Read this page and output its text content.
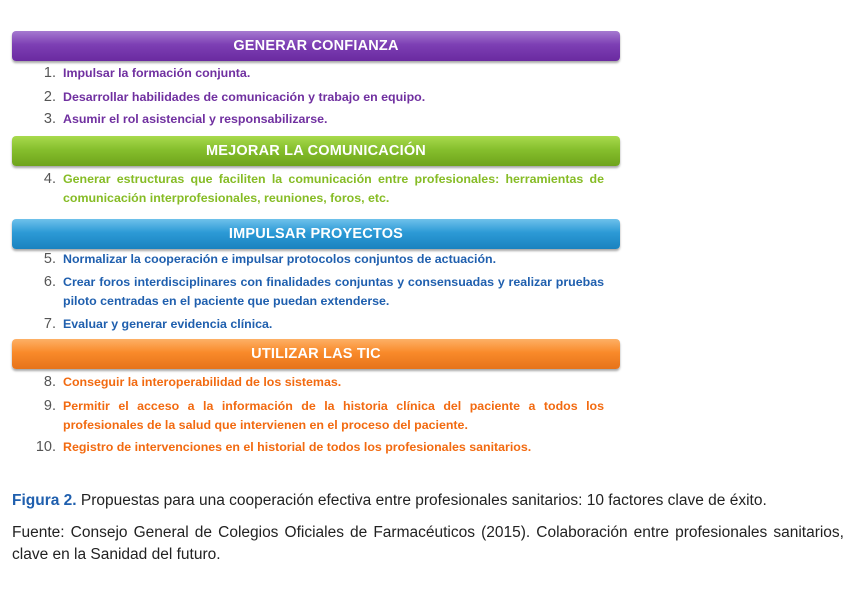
GENERAR CONFIANZA
1. Impulsar la formación conjunta.
2. Desarrollar habilidades de comunicación y trabajo en equipo.
3. Asumir el rol asistencial y responsabilizarse.
MEJORAR LA COMUNICACIÓN
4. Generar estructuras que faciliten la comunicación entre profesionales: herramientas de comunicación interprofesionales, reuniones, foros, etc.
IMPULSAR PROYECTOS
5. Normalizar la cooperación e impulsar protocolos conjuntos de actuación.
6. Crear foros interdisciplinares con finalidades conjuntas y consensuadas y realizar pruebas piloto centradas en el paciente que puedan extenderse.
7. Evaluar y generar evidencia clínica.
UTILIZAR LAS TIC
8. Conseguir la interoperabilidad de los sistemas.
9. Permitir el acceso a la información de la historia clínica del paciente a todos los profesionales de la salud que intervienen en el proceso del paciente.
10. Registro de intervenciones en el historial de todos los profesionales sanitarios.
Figura 2. Propuestas para una cooperación efectiva entre profesionales sanitarios: 10 factores clave de éxito.
Fuente: Consejo General de Colegios Oficiales de Farmacéuticos (2015). Colaboración entre profesionales sanitarios, clave en la Sanidad del futuro.
